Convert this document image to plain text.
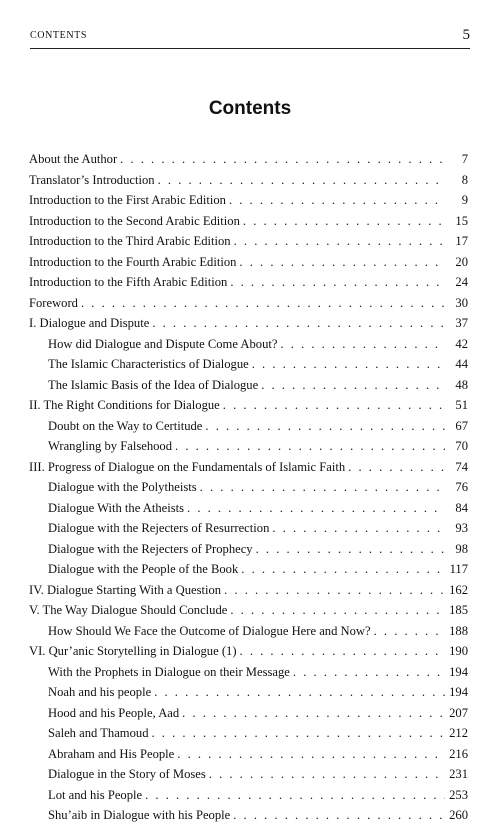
CONTENTS	5
Contents
About the Author . . .	7
Translator’s Introduction . . .	8
Introduction to the First Arabic Edition . . .	9
Introduction to the Second Arabic Edition . . .	15
Introduction to the Third Arabic Edition . . .	17
Introduction to the Fourth Arabic Edition . . .	20
Introduction to the Fifth Arabic Edition . . .	24
Foreword . . .	30
I. Dialogue and Dispute . . .	37
How did Dialogue and Dispute Come About? . . .	42
The Islamic Characteristics of Dialogue . . .	44
The Islamic Basis of the Idea of Dialogue . . .	48
II. The Right Conditions for Dialogue . . .	51
Doubt on the Way to Certitude . . .	67
Wrangling by Falsehood . . .	70
III. Progress of Dialogue on the Fundamentals of Islamic Faith . . .	74
Dialogue with the Polytheists . . .	76
Dialogue With the Atheists . . .	84
Dialogue with the Rejecters of Resurrection . . .	93
Dialogue with the Rejecters of Prophecy . . .	98
Dialogue with the People of the Book . . .	117
IV. Dialogue Starting With a Question . . .	162
V. The Way Dialogue Should Conclude . . .	185
How Should We Face the Outcome of Dialogue Here and Now? . . .	188
VI. Qur’anic Storytelling in Dialogue (1) . . .	190
With the Prophets in Dialogue on their Message . . .	194
Noah and his people . . .	194
Hood and his People, Aad . . .	207
Saleh and Thamoud . . .	212
Abraham and His People . . .	216
Dialogue in the Story of Moses . . .	231
Lot and his People . . .	253
Shu’aib in Dialogue with his People . . .	260
